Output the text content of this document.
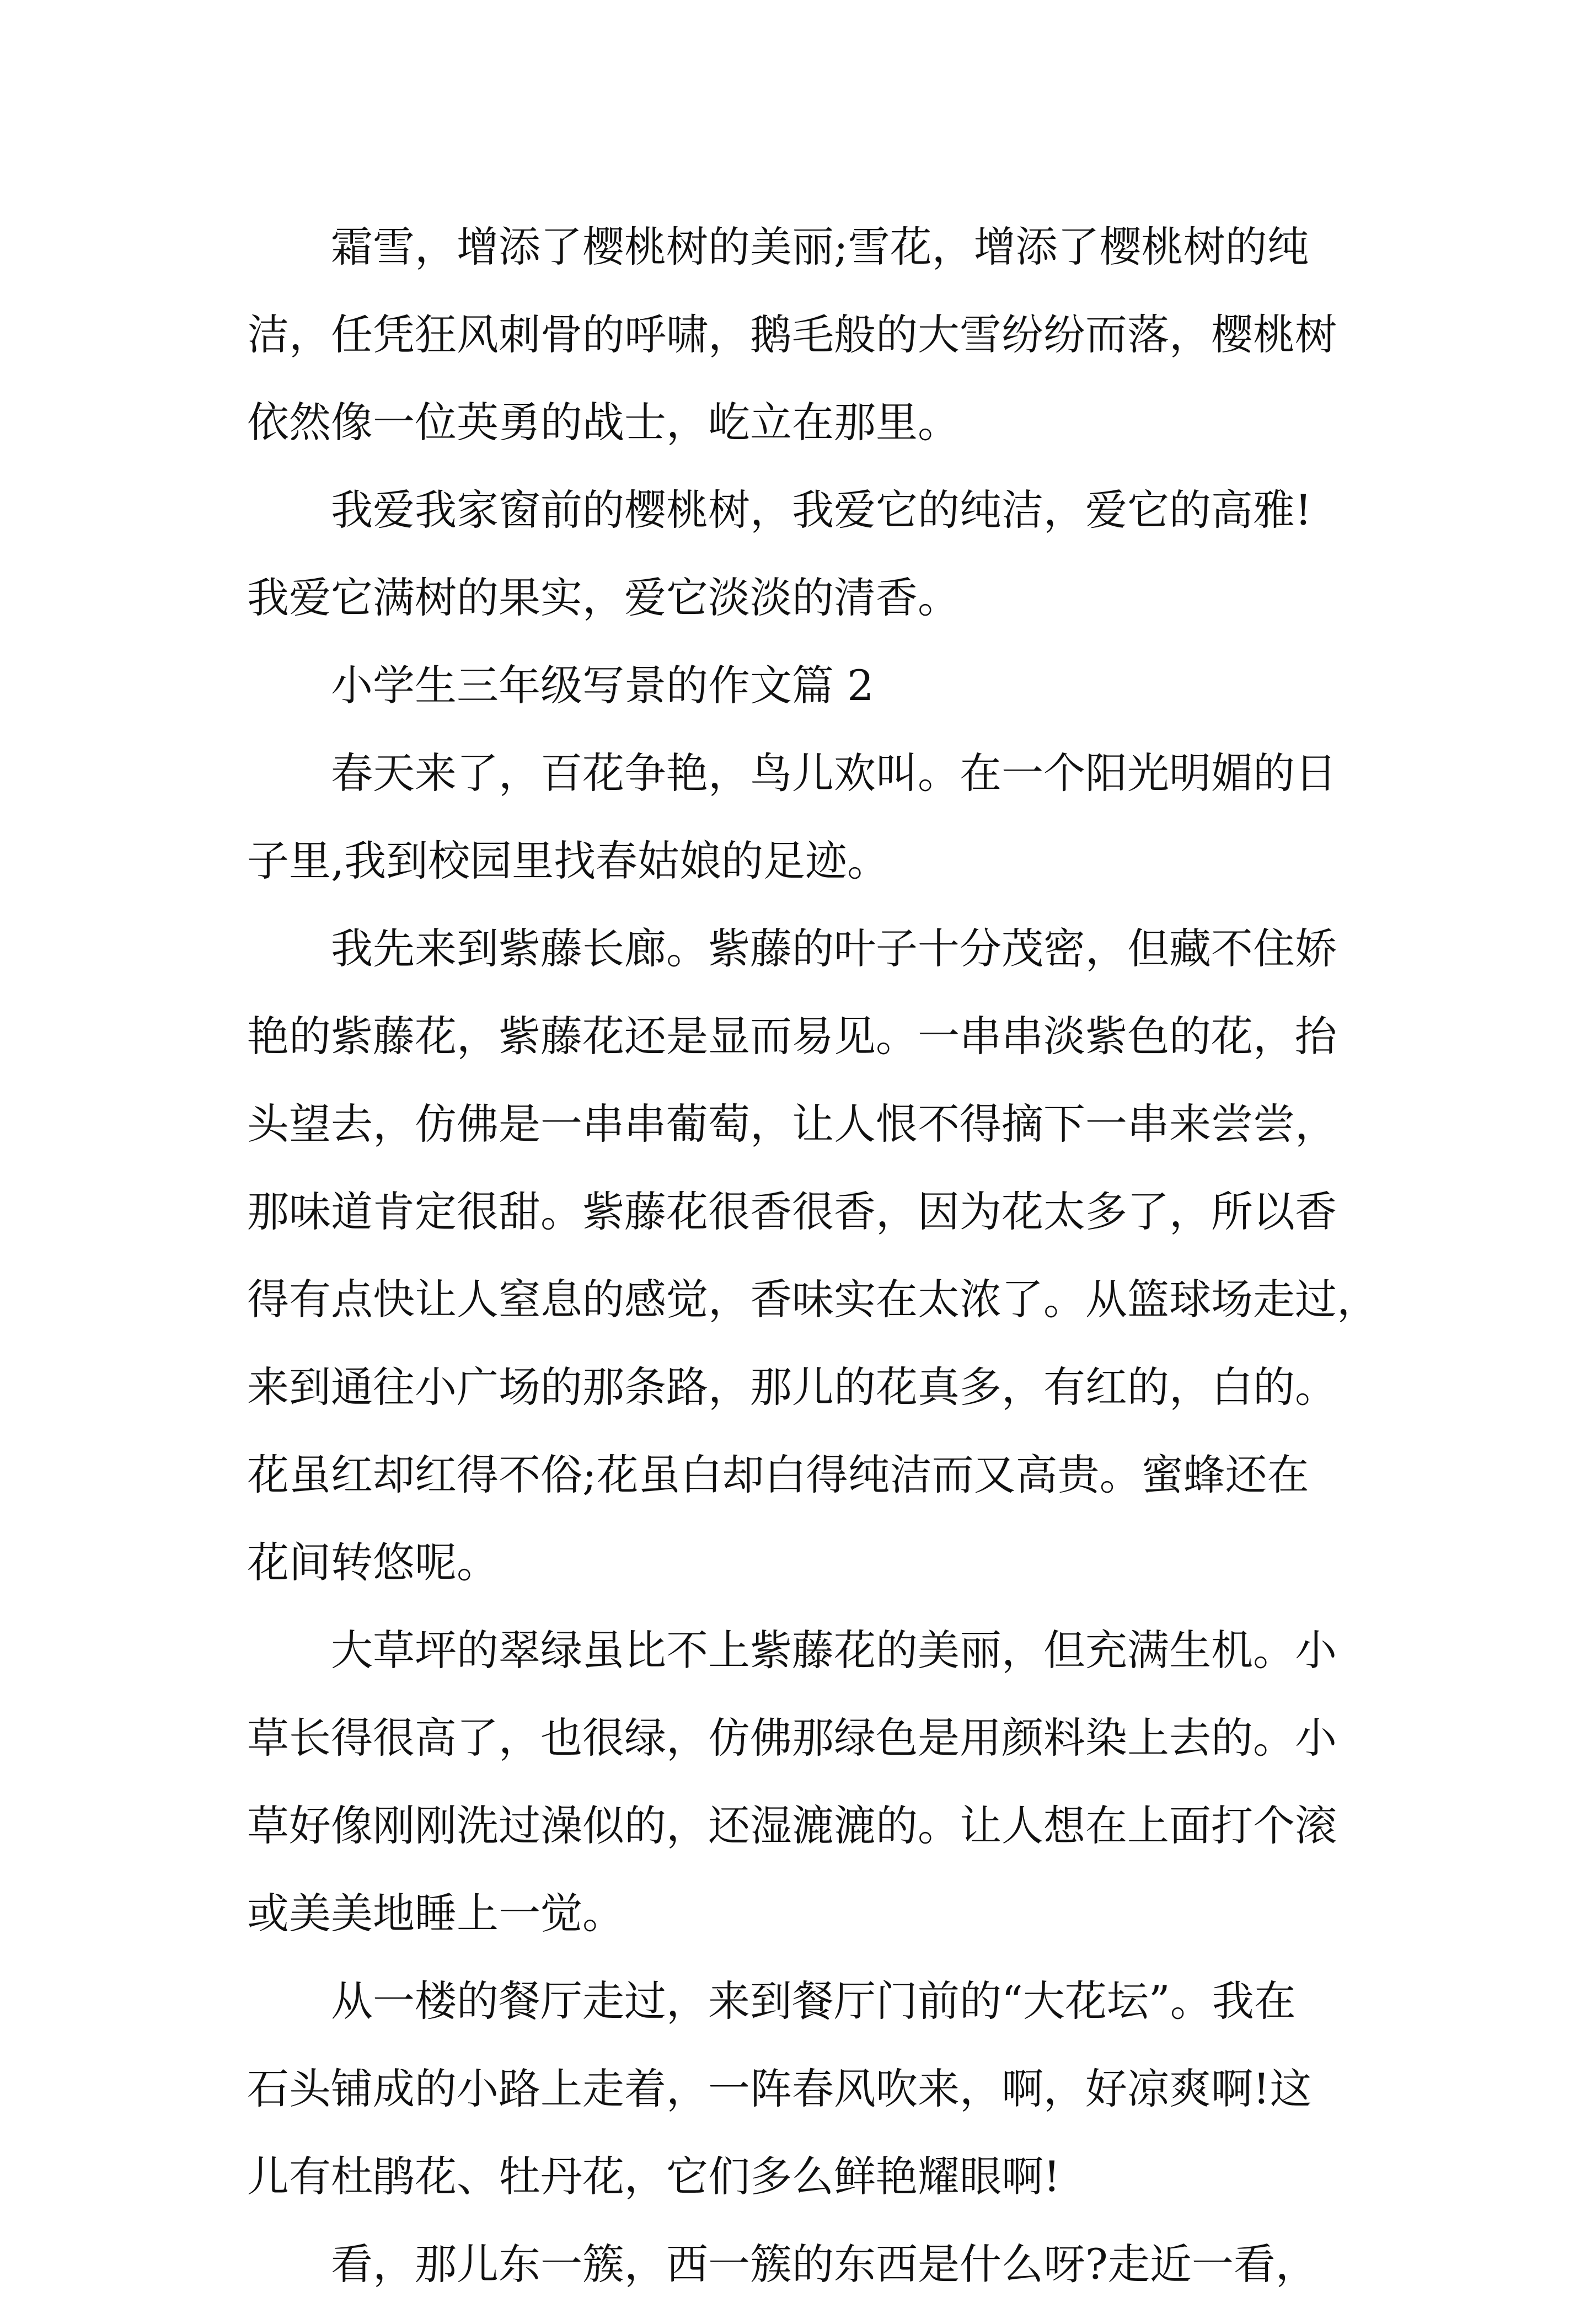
霜雪，增添了樱桃树的美丽;雪花，增添了樱桃树的纯
洁，任凭狂风刺骨的呼啸，鹅毛般的大雪纷纷而落，樱桃树
依然像一位英勇的战士，屹立在那里。

我爱我家窗前的樱桃树，我爱它的纯洁，爱它的高雅!
我爱它满树的果实，爱它淡淡的清香。

小学生三年级写景的作文篇 2

春天来了，百花争艳，鸟儿欢叫。在一个阳光明媚的日
子里,我到校园里找春姑娘的足迹。

我先来到紫藤长廊。紫藤的叶子十分茂密，但藏不住娇
艳的紫藤花，紫藤花还是显而易见。一串串淡紫色的花，抬
头望去，仿佛是一串串葡萄，让人恨不得摘下一串来尝尝，
那味道肯定很甜。紫藤花很香很香，因为花太多了，所以香
得有点快让人窒息的感觉，香味实在太浓了。从篮球场走过，
来到通往小广场的那条路，那儿的花真多，有红的，白的。
花虽红却红得不俗;花虽白却白得纯洁而又高贵。蜜蜂还在
花间转悠呢。

大草坪的翠绿虽比不上紫藤花的美丽，但充满生机。小
草长得很高了，也很绿，仿佛那绿色是用颜料染上去的。小
草好像刚刚洗过澡似的，还湿漉漉的。让人想在上面打个滚
或美美地睡上一觉。

从一楼的餐厅走过，来到餐厅门前的“大花坛”。我在
石头铺成的小路上走着，一阵春风吹来，啊，好凉爽啊!这
儿有杜鹃花、牡丹花，它们多么鲜艳耀眼啊!

看，那儿东一簇，西一簇的东西是什么呀?走近一看，
